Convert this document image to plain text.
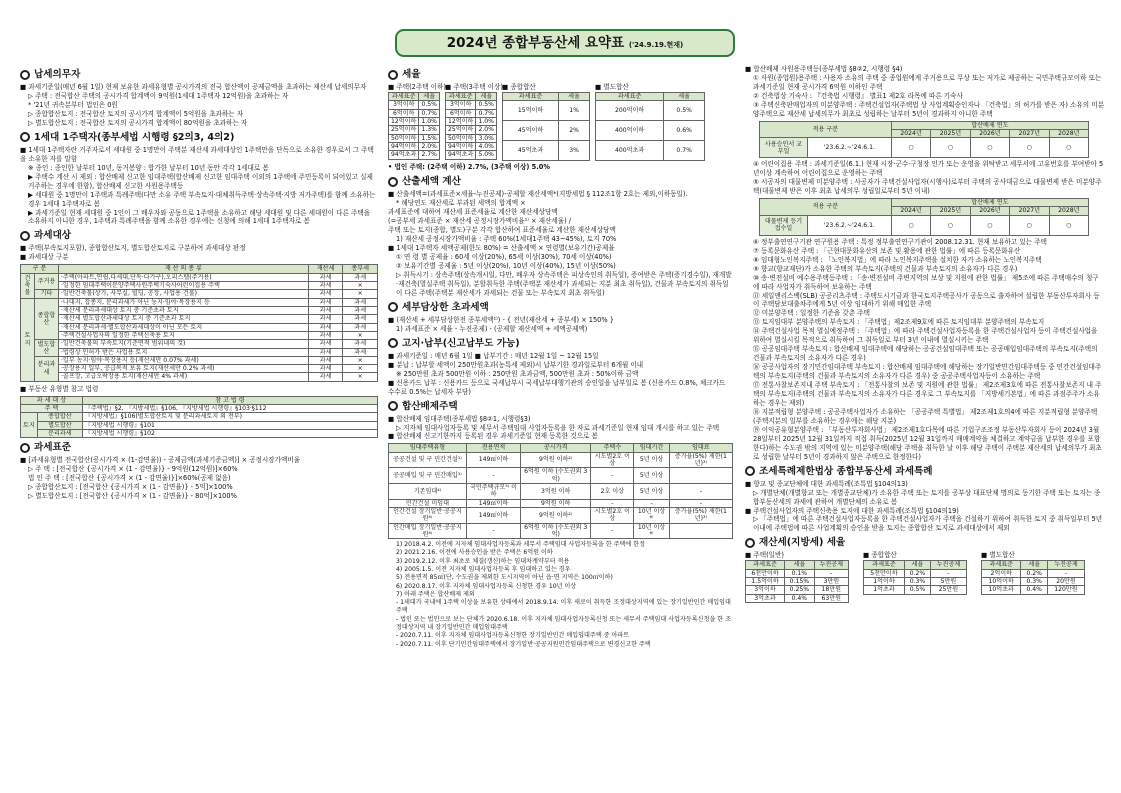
2024년 종합부동산세 요약표 ('24.9.19.현재)
납세의무자
■ 과세기준일(매년 6월 1일) 현재 보유한 과세유형별 공시가격의 전국 합산액이 공제금액을 초과하는 재산세 납세의무자
▷ 주택 : 전국합산 주택의 공시가격 합계액이 9억원(1세대 1주택자 12억원)을 초과하는 자
* '21년 귀속분부터 법인은 0원
▷ 종합합산토지 : 전국합산 토지의 공시가격 합계액이 5억원을 초과하는 자
▷ 별도합산토지 : 전국합산 토지의 공시가격 합계액이 80억원을 초과하는 자
1세대 1주택자(종부세법 시행령 §2의3, 4의2)
■ 1세대 1주택자란 거주자로서 세대원 중 1명만이 주택분 재산세 과세대상인 1주택만을 단독으로 소유한 경우로서 그 주택을 소유한 자를 말함
※ 종인 : 종인한 날부터 10년, 동거봉양 : 합가한 날부터 10년 동안 각각 1세대로 봄
▶ 주택수 계산 시 제외 : 합산배제 신고한 임대주택(합산배제 신고한 임대주택 이외의 1주택에 주민등록이 되어있고 실제 거주하는 경우에 한함), 합산배제 신고한 사원용주택등
▶ 세대원 중 1명만이 1주택과 특례주택(다만 소유 주택 부속토지·대체취득주택·상속주택·지방 저가주택)를 함께 소유하는 경우 1세대 1주택자로 봄
▶ 과세기준일 현재 세대원 중 1인이 그 배우자와 공동으로 1주택을 소유하고 해당 세대원 및 다른 세대원이 다른 주택을 소유하지 아니한 경우, 1주택과 특례주택을 함께 소유한 경우에는 신청에 의해 1세대 1주택자로 봄
과세대상
■ 주택(부속토지포함), 종합합산토지, 별도합산토지로 구분하여 과세대상 판정
■ 과세대상 구분
구 분		재 산 의 종 류	재산세	종부세
건축물	주거용	·주택(아파트,연립,다세대,단독·다가구),오피스텔(주거용)	과세	과세
		·일정한 임대주택이분양주택사원주택기숙사어린이집용 주택	과세	×
	기타	·일반건축물(상가, 사무실, 빌딩, 공장, 사업용 건물)	과세	×
토지	종합합산	·나대지, 잡종지, 분리과세가 아닌 농지·임야·목장용지 등	과세	과세
		·재산세 분리과세대상 토지 중 기준초과 토지	과세	과세
		·재산세 별도합산과세대상 토지 중 기준초과 토지	과세	과세
		·재산세 분리과세·별도합산과세대상이 아닌 모든 토지	과세	과세
		·주택건설사업자의 일정한 주택신축용 토지	과세	×
	별도합산	·일반건축물의 부속토지(기준면적 범위내의 것)	과세	과세
		·법령상 인허가 받은 사업용 토지	과세	과세
	분리과세	·일부 농지·임야·목장용지 등(재산세만 0.07% 과세)	과세	×
		·공장용지 일부, 공급목적 보유 토지(재산세만 0.2% 과세)	과세	×
		·골프장, 고급오락장용 토지(재산세만 4% 과세)	과세	×
■ 부동산 유형별 참고 법령
과 세 대 상		참 고 법 령
주 택		『주택법』§2, 『지방세법』§106, 『지방세법 시행령』§103·§112
토지	종합합산	『지방세법』§106(별도합산토지 및 분리과세토지 외 전부)
	별도합산	『지방세법 시행령』§101
	분리과세	『지방세법 시행령』§102
과세표준
■ [과세유형별 전국합산(공시가격 × (1-감면율)) - 공제금액(과세기준금액)] × 공정시장가액비율
▷ 주 택 : [전국합산 {공시가격 × (1 - 감면율)} - 9억원(12억원)]×60%
법 인 주 택 : [전국합산 {공시가격 × (1 - 감면율)}]×60%(공제 없음)
▷ 종합합산토지 : [전국합산 {공시가격 × (1 - 감면율)} - 5억]×100%
▷ 별도합산토지 : [전국합산 {공시가격 × (1 - 감면율)} - 80억]×100%
세율
■ 주택(2주택 이하)
과세표준	세율
3억이하	0.5%
6억이하	0.7%
12억이하	1.0%
25억이하	1.3%
50억이하	1.5%
94억이하	2.0%
94억초과	2.7%
■ 주택(3주택 이상)
과세표준	세율
3억이하	0.5%
6억이하	0.7%
12억이하	1.0%
25억이하	2.0%
50억이하	3.0%
94억이하	4.0%
94억초과	5.0%
■ 종합합산
과세표준	세율
15억이하	1%
45억이하	2%
45억초과	3%
■ 별도합산
과세표준	세율
200억이하	0.5%
400억이하	0.6%
400억초과	0.7%
• 법인 주택: (2주택 이하) 2.7%, (3주택 이상) 5.0%
산출세액 계산
■ 산출세액=(과세표준×세율-누진공제)-공제할 재산세액*(지방세법 § 112조1항 2호는 제외,이하동일).
* 해당연도 재산세로 부과된 세액의 합계액 ×
과세표준에 대하여 재산세 표준세율로 계산한 재산세상당액
(=공부세 과세표준 × 재산세 공정시장가액비율¹⁾ × 재산세율) /
주택 또는 토지(종합, 별도)구분 각각 합산하여 표준세율로 계산한 재산세상당액
1) 재산세 공정시장가액비율 : 주택 60%(1세대1주택 43~45%), 토지 70%
■ 1세대 1주택자 세액공제(한도 80%) = 산출세액 × 연령별(보유기간)공제율
① 연 령 별 공제율 : 60세 이상(20%), 65세 이상(30%), 70세 이상(40%)
② 보유기간별 공제율 : 5년 이상(20%), 10년 이상(40%), 15년 이상(50%)
▷ 취득시기 : 상속주택(상속개시일, 다만, 배우자 상속주택은 피상속인의 취득일), 증여받은 주택(증기경수일), 재개발·재건축(멸실주택 취득일), 분할취득한 주택(주택분 재산세가 과세되는 지분 최초 취득일), 건물과 부속토지의 취득일이 다른 주택(주택분 재산세가 과세되는 건물 또는 부속토지 최초 취득일)
세부담상한 초과세액
■ (재산세 + 세부담상한전 종부세액¹⁾) - { 전년(재산세 + 종부세) × 150% }
1) 과세표준 × 세율 - 누진공제) - (공제할 재산세액 + 세액공제액)
고지·납부(신고납부도 가능)
■ 과세기준일 : 매년 6월 1일 ■ 납부기간 : 매년 12월 1일 ~ 12월 15일
■ 분납 : 납부할 세액이 250만원초과(농특세 제외)시 납부기한 경과일로부터 6개월 이내
※ 250만원 초과 500만원 이하 : 250만원 초과금액, 500만원 초과 : 50%이하 금액
■ 신용카드 납부 : 신용카드 등으로 국세납부시 국세납부대행기관의 승인일을 납부일로 봄 (신용카드 0.8%, 체크카드 수수료 0.5%는 납세자 부담)
합산배제주택
■ 합산배제 임대주택(종부세법 §8②1, 시행령§3)
▷ 지자체 임대사업자등록 및 세무서 주택임대 사업자등록을 한 자로 과세기준일 현재 임대 개시를 하고 있는 주택
■ 합산배제 신고기한까지 등록된 경우 과세기준일 현재 등록한 것으로 봄
임대주택유형	전용면적	공시가격	주택수	임대기간	임대료
공공건설 및 구 민간건설¹⁾	149㎡이하	9억원 이하²⁾	시도별2호 이상	5년 이상	증가율(5%) 제한(1년)³⁾
공공매입 및 구 민간매입¹⁾	-	6억원 이하 (수도권외 3억)	-	5년 이상	
기존임대⁴⁾	국민주택규모⁵⁾ 이하	3억원 이하	2호 이상	5년 이상	-
민간건설 미임대	149㎡이하	9억원 이하	-	-	-
인간건설 장기일반·공공지원⁶⁾	149㎡이하	9억원 이하²⁾	시도별2호 이상	10년 이상⁶⁾	증가율(5%) 제한(1년)³⁾
인간매입 장기일반·공공지원⁶⁾	-	6억원 이하 (수도권외 3억)	-	10년 이상⁶⁾	
1) 2018.4.2. 이전에 지자체 임대사업자등록과 세무서 주택임대 사업자등록을 한 주택에 한정
2) 2021.2.16. 이전에 사용승인을 받은 주택은 6억원 이하
3) 2019.2.12. 이후 최초로 체결(갱신)하는 임대차계약부터 적용
4) 2005.1.5. 이전 지자체 임대사업자등록 후 임대하고 있는 경우
5) 전용면적 85㎡(단, 수도권을 제외한 도시지역이 아닌 읍·면 지역은 100㎡이하)
6) 2020.8.17. 이후 지자체 임대사업자등록 신청한 경우 10년 이상
7) 아래 주택은 합산배제 제외
- 1세대가 국내에 1주택 이상을 보유한 상태에서 2018.9.14. 이후 새로이 취득한 조정대상지역에 있는 장기일반민간 매입임대주택
- 법인 또는 법인으로 보는 단체가 2020.6.18. 이후 지자체 임대사업자등록신청 또는 세무서 주택임대 사업자등록신청을 한 조정대상지역 내 장기일반민간 매입임대주택
- 2020.7.11. 이후 지자체 임대사업자등록신청한 장기일반민간 매입임대주택 중 아파트
- 2020.7.11. 이후 단기민간임대주택에서 장기일반·공공지원민간임대주택으로 변경신고한 주택
■ 합산배제 사원용주택등(종부세법 §8②2, 시행령 §4)
① 사원(종업원)용주택 : 사용자 소유의 주택 중 종업원에게 주거용으로 무상 또는 저가로 제공하는 국민주택규모이하 또는 과세기준일 현재 공시가격 6억원 이하인 주택
② 건축법상 기숙사 : 『건축법 시행령』 별표1 제2호 라목에 따른 기숙사
③ 주택신축판매업자의 미분양주택 : 주택건설업자(주택법 상 사업계획승인자나 「건축법」의 허가를 받은 자) 소유의 미분양주택으로 재산세 납세의무가 최초로 성립하는 날부터 5년이 경과하지 아니한 주택
적용 구분		합산배제 연도				
		2024년	2025년	2026년	2027년	2028년
사용승인서 교부일	'23.6.2.~'24.6.1.	○	○	○	○	○
④ 어린이집용 주택 : 과세기준일(6.1.) 현재 시장·군수·구청장 인가 또는 운영을 위탁받고 세무서에 고유번호를 부여받아 5년이상 계속하여 어린이집으로 운영하는 주택
⑤ 시공자의 대물변제 미분양주택 : 사공자가 주택건설사업자(시행사)로부터 주택의 공사대금으로 대물변제 받은 미분양주택(대물변제 받은 이후 최초 납세의무 성립일로부터 5년 이내)
적용 구분		합산배제 연도				
		2024년	2025년	2026년	2027년	2028년
대물변제 등기접수일	'23.6.2.~'24.6.1.	○	○	○	○	○
⑥ 정부출연연구기관 연구원용 주택 : 특정 정부출연연구기관이 2008.12.31. 현재 보유하고 있는 주택
⑦ 등록문화유산 주택 : 「근현대문화유산의 보존 및 활용에 관한 법률」에 따른 등록문화유산
⑧ 임대형노인복지주택 : 「노인복지법」에 따라 노인복지주택을 설치한 자가 소유하는 노인복지주택
⑨ 향교(향교재단)가 소유한 주택의 부속토지(주택의 건물과 부속토지의 소유자가 다른 경우)
⑩ 송·변전설비 예수용주택등주택 : 「송·변전설비 주변지역의 보상 및 지원에 관한 법률」 제5조에 따른 주택매수의 청구에 따라 사업자가 취득하여 보유하는 주택
⑪ 세일앤리스백(SLB) 공공리츠주택 : 주택도시기금과 한국토지주택공사가 공동으로 출자하여 설립한 부동산투자회사 등이 주택담보대출차주에게 5년 이상 임대하기 위해 매입한 주택
⑫ 미분양주택 : 일정한 기준을 갖춘 주택
⑬ 토지임대부 분양주택의 부속토지 : 「주택법」제2조제9호에 따른 토지임대부 분양주택의 부속토지
⑭ 주택건설사업 목적 멸실예정주택 : 「주택법」에 따라 주택건설사업자등록을 한 주택건설사업자 등이 주택건설사업을 위하여 멸실시킬 목적으로 취득하여 그 취득일로 부터 3년 이내에 멸실시키는 주택
⑮ 공공임대주택 부속토지 : 합산배제 임대주택에 해당하는 공공건설임대주택 또는 공공매입임대주택의 부속토지(주택의 건물과 부속토지의 소유자가 다른 경우)
⑯ 공공사업자의 장기민간임대주택 부속토지 : 합산배제 임대주택에 해당하는 장기일반민간임대주택등 중 민간건설임대주택의 부속토지(주택의 건물과 부속토지의 소유자가 다른 경우) 중 공공주택사업자등이 소유하는 주택
⑰ 전통사찰보존지내 주택 부속토지 : 「전통사찰의 보존 및 지원에 관한 법률」 제2조제3호에 따른 전통사찰보존지 내 주택의 부속토지(주택의 건물과 부속토지의 소유자가 다른 경우로 그 부속토지를 「지방세기본법」에 따른 과점주주가 소유하는 경우는 제외)
⑱ 지분적립형 분양주택 : 공공주택사업자가 소유하는 「공공주택 특별법」 제2조제1호의4에 따른 지분적립형 분양주택(주택지분의 일부를 소유하는 경우에는 해당 지분)
⑲ 이익공유형분양주택 : 「부동산투자회사법」 제2조제1호다목에 따른 기업구조조정 부동산투자회사 등이 2024년 3월 28일부터 2025년 12월 31일까지 직접 취득(2025년 12월 31일까지 매매계약을 체결하고 계약금을 납부한 경우를 포함한다)하는 수도권 밖의 지역에 있는 미분양주택(해당 주택을 취득한 날 이후 해당 주택이 주택분 재산세의 납세의무가 최초로 성립한 날부터 5년이 경과하지 않은 주택으로 한정한다)
조세특례제한법상 종합부동산세 과세특례
■ 향교 및 종교단체에 대한 과세특례(조특법 §104의13)
▷ 개별단체(개별향교 또는 개별종교단체)가 소유한 주택 또는 토지를 공부상 대표단체 명의로 등기한 주택 또는 토지는 종합부동산세의 과세에 관하여 개별단체의 소유로 봄
■ 주택건설사업자의 주택신축용 토지에 대한 과세특례(조특법 §104의19)
▷ 「주택법」에 따른 주택건설사업자등록을 한 주택건설사업자가 주택을 건설하기 위하여 취득한 토지 중 취득일부터 5년 이내에 주택법에 따른 사업계획의 승인을 받을 토지는 종합합산 토지로 과세대상에서 제외
재산세(지방세) 세율
■ 주택(일반)
과세표준	세율	누진공제
6천만이하	0.1%	-
1.5억이하	0.15%	3만원
3억이하	0.25%	18만원
3억초과	0.4%	63만원
■ 종합합산
과세표준	세율	누진공제
5천만이하	0.2%	-
1억이하	0.3%	5만원
1억초과	0.5%	25만원
■ 별도합산
과세표준	세율	누진공제
2억이하	0.2%	-
10억이하	0.3%	20만원
10억초과	0.4%	120만원
